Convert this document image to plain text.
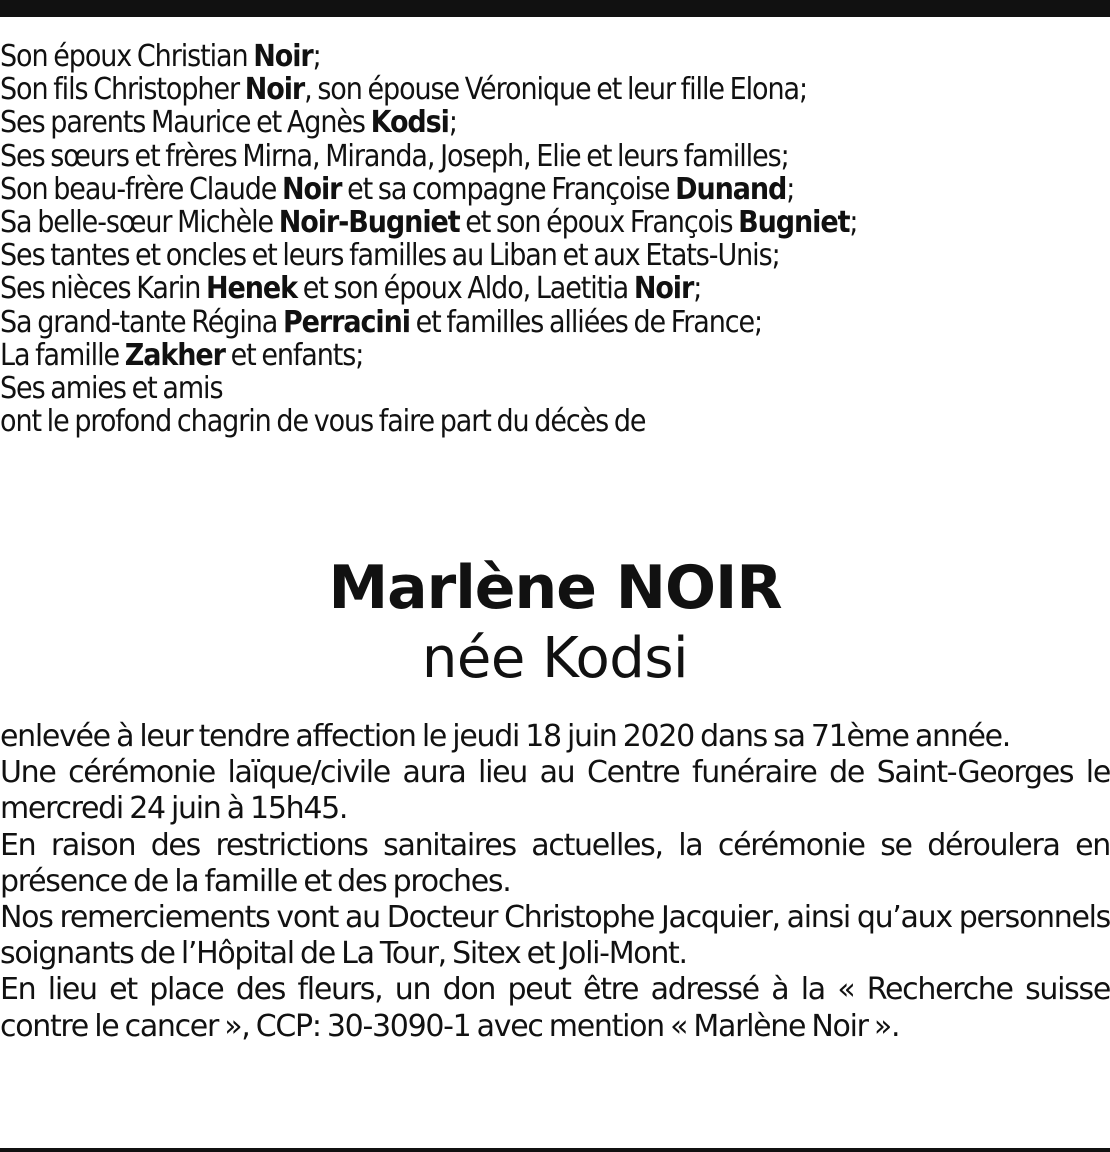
Son époux Christian Noir;
Son fils Christopher Noir, son épouse Véronique et leur fille Elona;
Ses parents Maurice et Agnès Kodsi;
Ses sœurs et frères Mirna, Miranda, Joseph, Elie et leurs familles;
Son beau-frère Claude Noir et sa compagne Françoise Dunand;
Sa belle-sœur Michèle Noir-Bugniet et son époux François Bugniet;
Ses tantes et oncles et leurs familles au Liban et aux Etats-Unis;
Ses nièces Karin Henek et son époux Aldo, Laetitia Noir;
Sa grand-tante Régina Perracini et familles alliées de France;
La famille Zakher et enfants;
Ses amies et amis
ont le profond chagrin de vous faire part du décès de
Marlène NOIR
née Kodsi

enlevée à leur tendre affection le jeudi 18 juin 2020 dans sa 71ème année.

Une cérémonie laïque/civile aura lieu au Centre funéraire de Saint-Georges le mercredi 24 juin à 15h45.

En raison des restrictions sanitaires actuelles, la cérémonie se déroulera en présence de la famille et des proches.

Nos remerciements vont au Docteur Christophe Jacquier, ainsi qu’aux personnels soignants de l’Hôpital de La Tour, Sitex et Joli-Mont.

En lieu et place des fleurs, un don peut être adressé à la « Recherche suisse contre le cancer », CCP: 30-3090-1 avec mention « Marlène Noir ».
